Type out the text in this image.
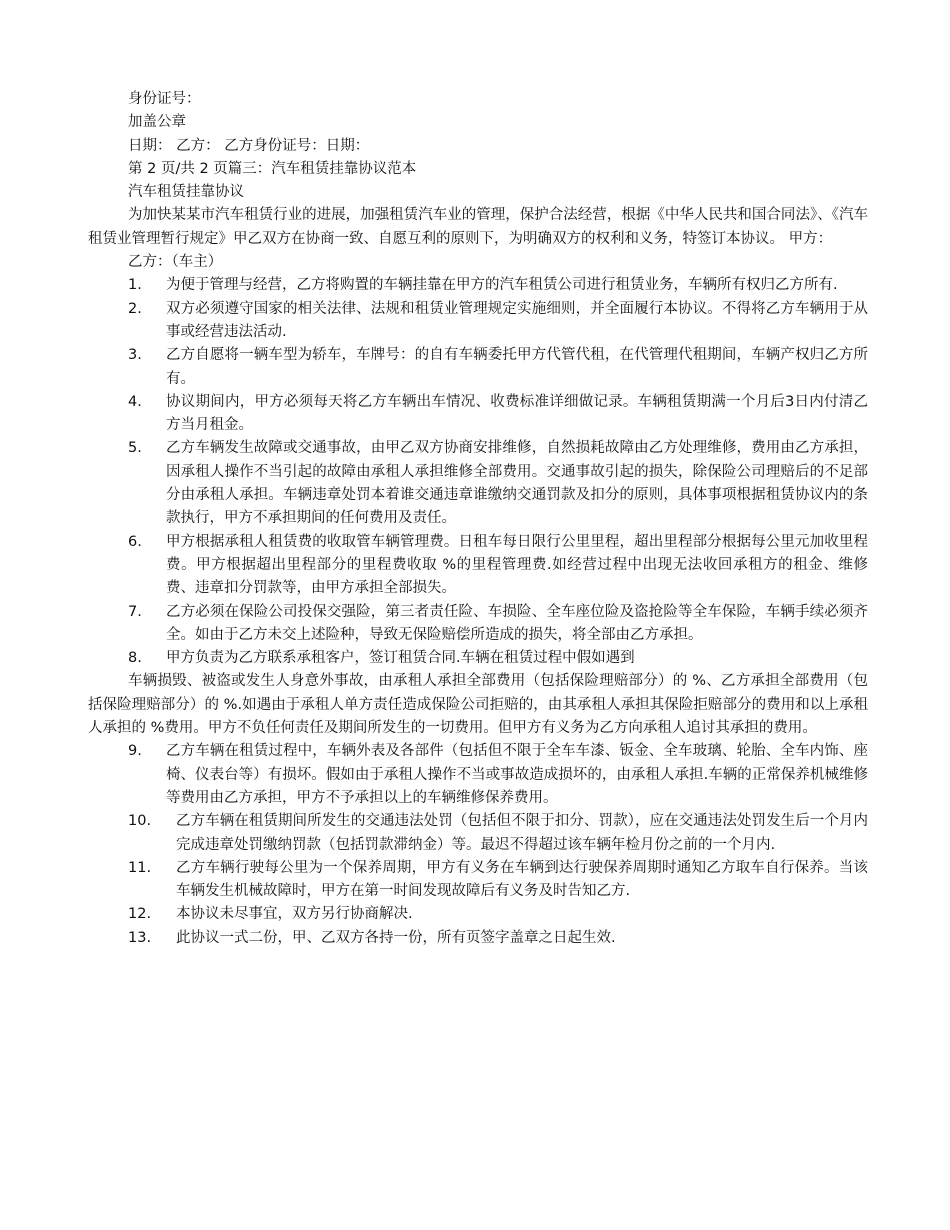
身份证号：
加盖公章
日期： 乙方： 乙方身份证号：日期：
第 2 页/共 2 页篇三：汽车租赁挂靠协议范本
汽车租赁挂靠协议
为加快某某市汽车租赁行业的进展，加强租赁汽车业的管理，保护合法经营，根据《中华人民共和国合同法》、《汽车租赁业管理暂行规定》甲乙双方在协商一致、自愿互利的原则下，为明确双方的权利和义务，特签订本协议。 甲方：
乙方：（车主）
1.	为便于管理与经营，乙方将购置的车辆挂靠在甲方的汽车租赁公司进行租赁业务，车辆所有权归乙方所有.
2.	双方必须遵守国家的相关法律、法规和租赁业管理规定实施细则，并全面履行本协议。不得将乙方车辆用于从事或经营违法活动.
3.	乙方自愿将一辆车型为轿车，车牌号：的自有车辆委托甲方代管代租，在代管理代租期间，车辆产权归乙方所有。
4.	协议期间内，甲方必须每天将乙方车辆出车情况、收费标准详细做记录。车辆租赁期满一个月后3日内付清乙方当月租金。
5.	乙方车辆发生故障或交通事故，由甲乙双方协商安排维修，自然损耗故障由乙方处理维修，费用由乙方承担，因承租人操作不当引起的故障由承租人承担维修全部费用。交通事故引起的损失，除保险公司理赔后的不足部分由承租人承担。车辆违章处罚本着谁交通违章谁缴纳交通罚款及扣分的原则，具体事项根据租赁协议内的条款执行，甲方不承担期间的任何费用及责任。
6.	甲方根据承租人租赁费的收取管车辆管理费。日租车每日限行公里里程，超出里程部分根据每公里元加收里程费。甲方根据超出里程部分的里程费收取 %的里程管理费.如经营过程中出现无法收回承租方的租金、维修费、违章扣分罚款等，由甲方承担全部损失。
7.	乙方必须在保险公司投保交强险，第三者责任险、车损险、全车座位险及盗抢险等全车保险，车辆手续必须齐全。如由于乙方未交上述险种，导致无保险赔偿所造成的损失，将全部由乙方承担。
8.	甲方负责为乙方联系承租客户，签订租赁合同.车辆在租赁过程中假如遇到
车辆损毁、被盗或发生人身意外事故，由承租人承担全部费用（包括保险理赔部分）的 %、乙方承担全部费用（包括保险理赔部分）的 %.如遇由于承租人单方责任造成保险公司拒赔的，由其承租人承担其保险拒赔部分的费用和以上承租人承担的 %费用。甲方不负任何责任及期间所发生的一切费用。但甲方有义务为乙方向承租人追讨其承担的费用。
9.	乙方车辆在租赁过程中，车辆外表及各部件（包括但不限于全车车漆、钣金、全车玻璃、轮胎、全车内饰、座椅、仪表台等）有损坏。假如由于承租人操作不当或事故造成损坏的，由承租人承担.车辆的正常保养机械维修等费用由乙方承担，甲方不予承担以上的车辆维修保养费用。
10.	乙方车辆在租赁期间所发生的交通违法处罚（包括但不限于扣分、罚款），应在交通违法处罚发生后一个月内完成违章处罚缴纳罚款（包括罚款滞纳金）等。最迟不得超过该车辆年检月份之前的一个月内.
11.	乙方车辆行驶每公里为一个保养周期，甲方有义务在车辆到达行驶保养周期时通知乙方取车自行保养。当该车辆发生机械故障时，甲方在第一时间发现故障后有义务及时告知乙方.
12.	本协议未尽事宜，双方另行协商解决.
13.	此协议一式二份，甲、乙双方各持一份，所有页签字盖章之日起生效.
